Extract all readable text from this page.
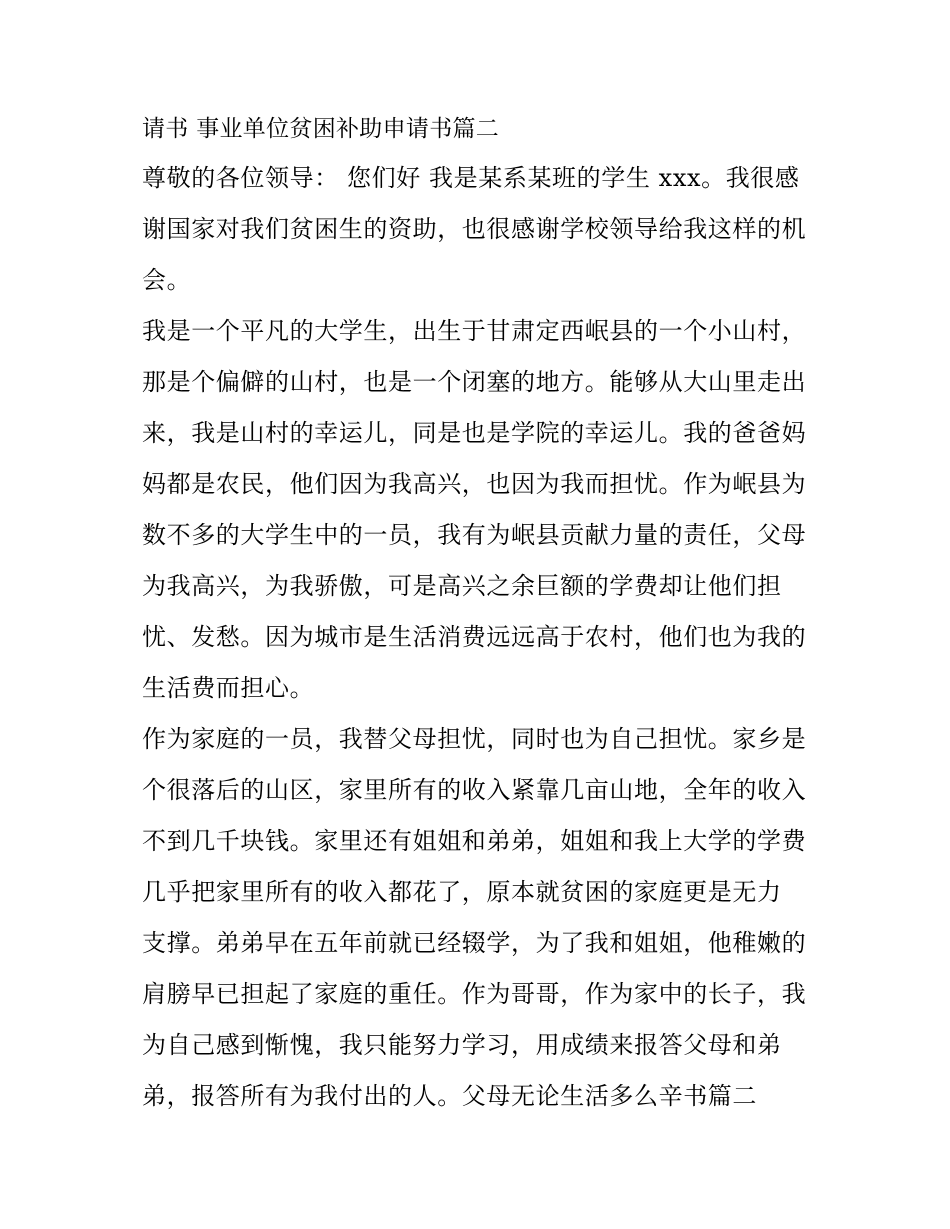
请书 事业单位贫困补助申请书篇二
尊敬的各位领导： 您们好 我是某系某班的学生 xxx。我很感
谢国家对我们贫困生的资助，也很感谢学校领导给我这样的机
会。
我是一个平凡的大学生，出生于甘肃定西岷县的一个小山村，
那是个偏僻的山村，也是一个闭塞的地方。能够从大山里走出
来，我是山村的幸运儿，同是也是学院的幸运儿。我的爸爸妈
妈都是农民，他们因为我高兴，也因为我而担忧。作为岷县为
数不多的大学生中的一员，我有为岷县贡献力量的责任，父母
为我高兴，为我骄傲，可是高兴之余巨额的学费却让他们担
忧、发愁。因为城市是生活消费远远高于农村，他们也为我的
生活费而担心。
作为家庭的一员，我替父母担忧，同时也为自己担忧。家乡是
个很落后的山区，家里所有的收入紧靠几亩山地，全年的收入
不到几千块钱。家里还有姐姐和弟弟，姐姐和我上大学的学费
几乎把家里所有的收入都花了，原本就贫困的家庭更是无力
支撑。弟弟早在五年前就已经辍学，为了我和姐姐，他稚嫩的
肩膀早已担起了家庭的重任。作为哥哥，作为家中的长子，我
为自己感到惭愧，我只能努力学习，用成绩来报答父母和弟
弟，报答所有为我付出的人。父母无论生活多么辛书篇二
